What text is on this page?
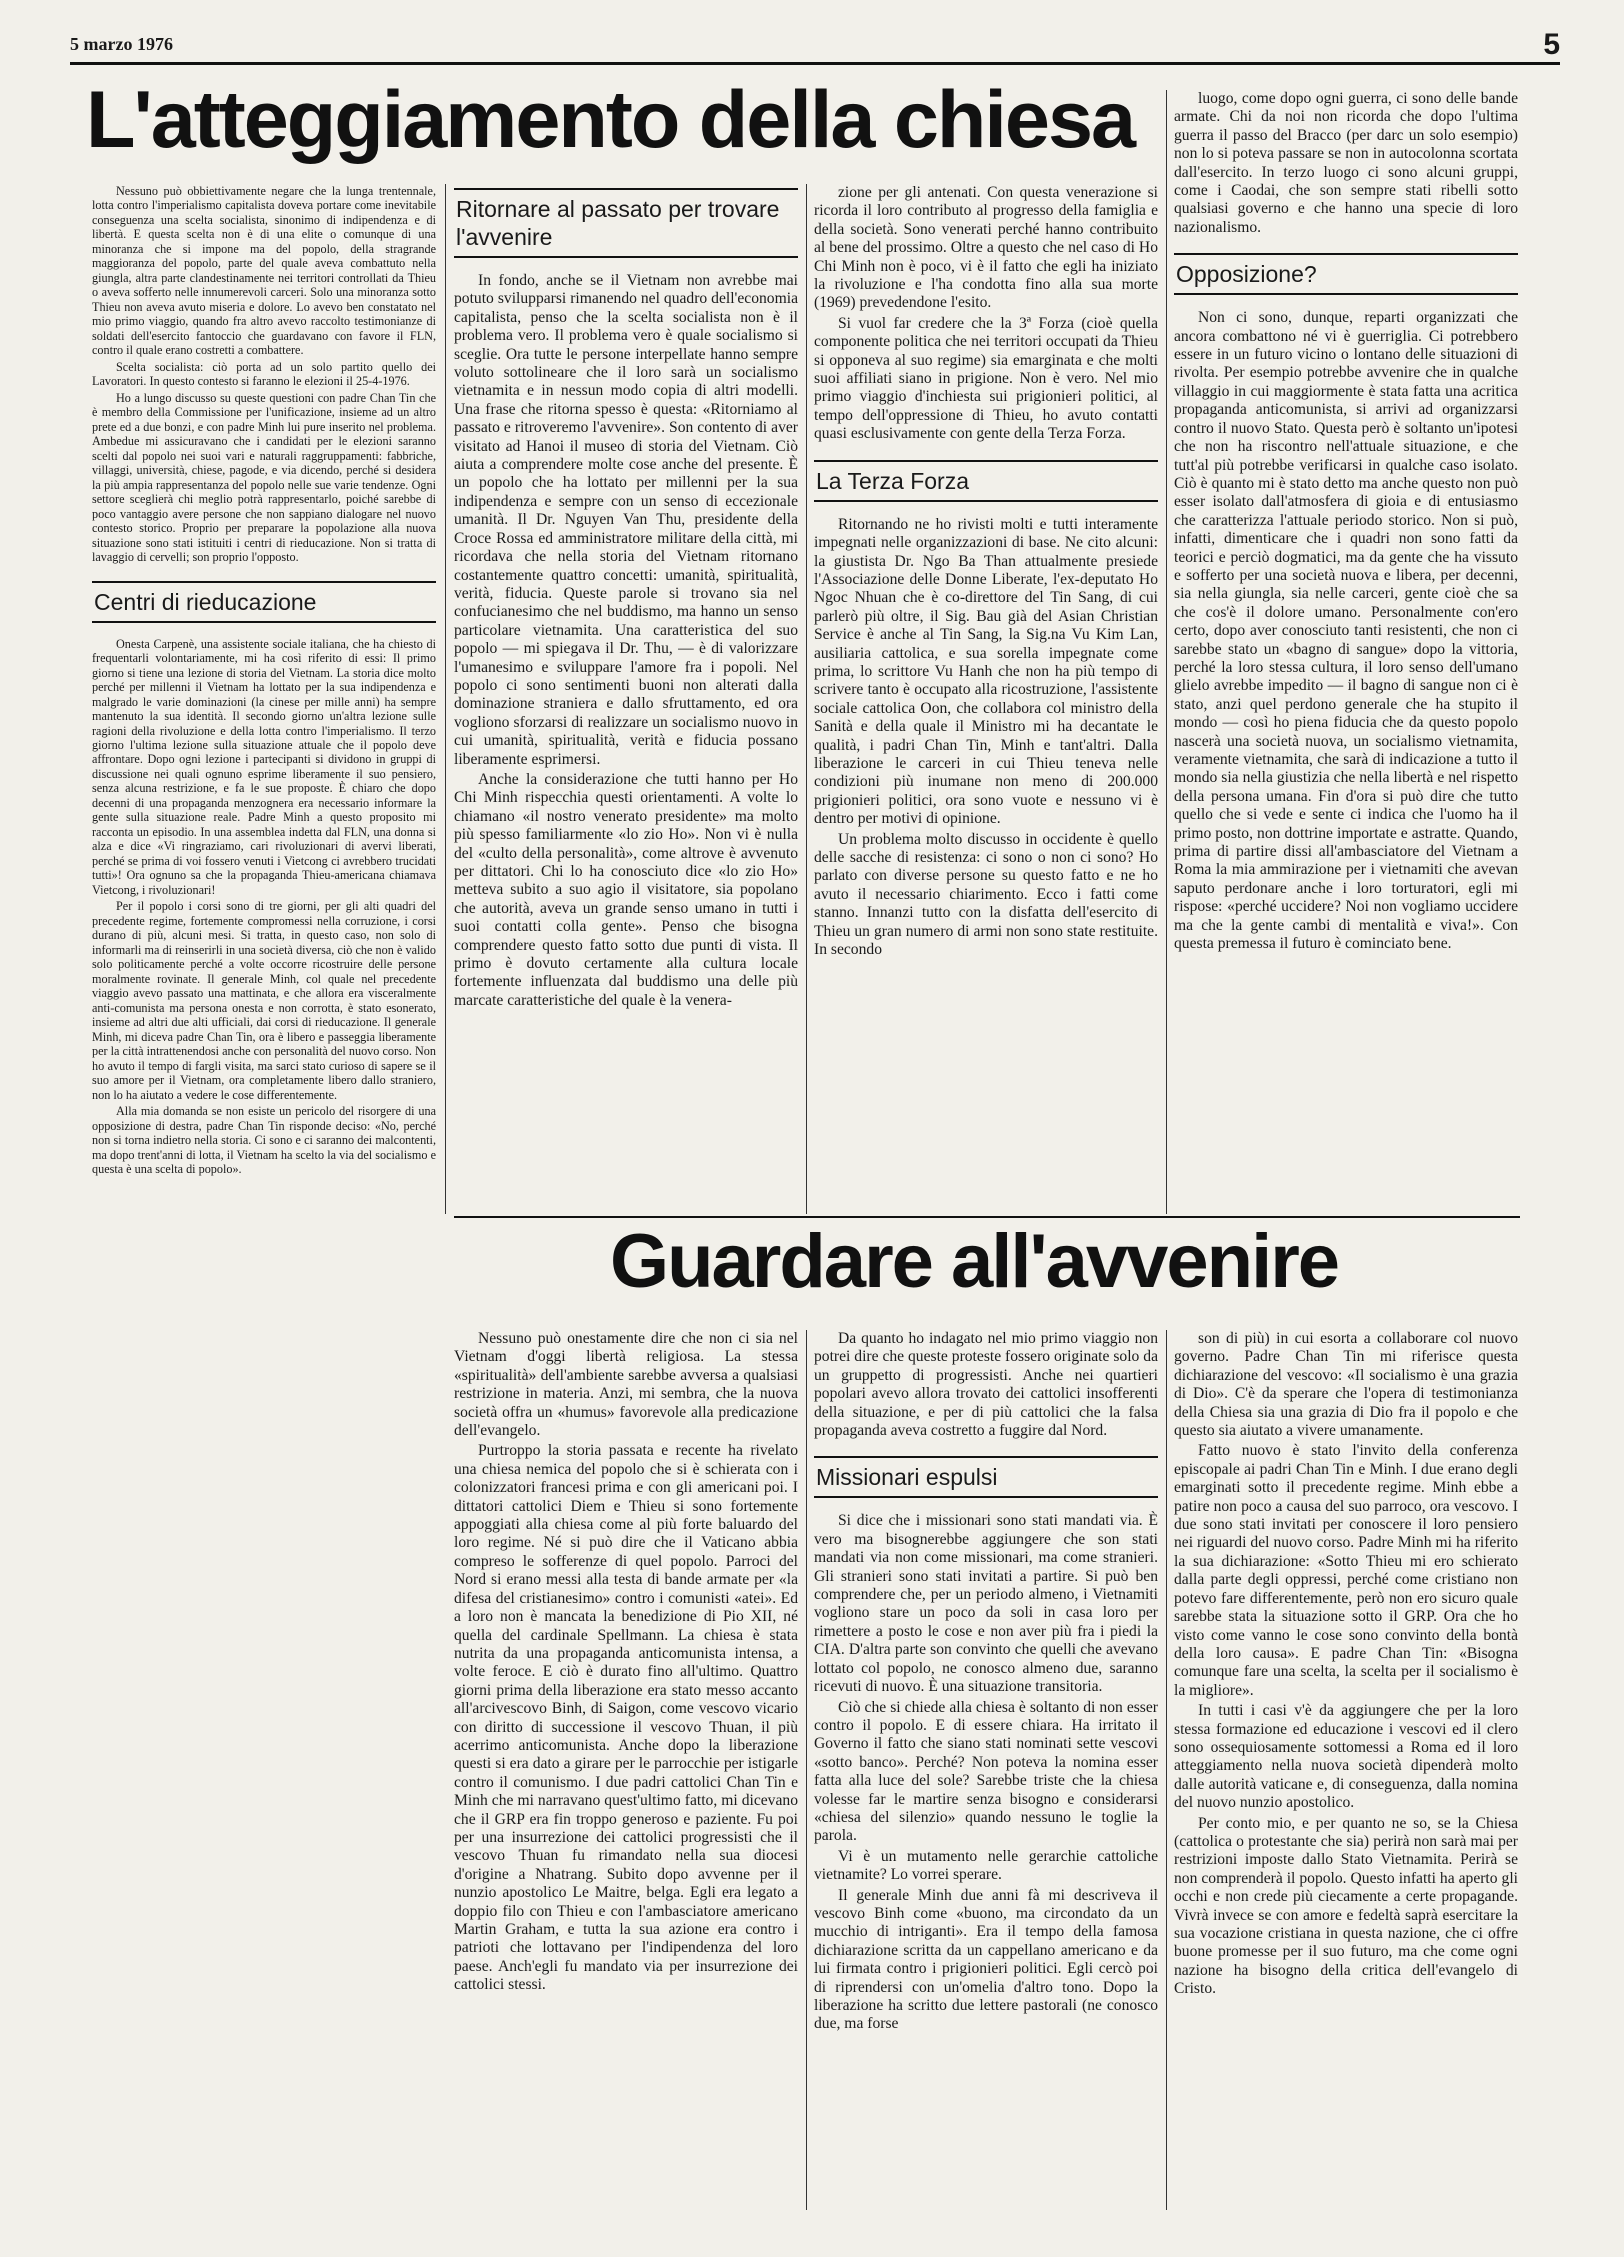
5 marzo 1976	5
L'atteggiamento della chiesa

Nessuno può obbiettivamente negare che la lunga trentennale, lotta contro l'imperialismo capitalista doveva portare come inevitabile conseguenza una scelta socialista, sinonimo di indipendenza e di libertà. E questa scelta non è di una elite o comunque di una minoranza che si impone ma del popolo, della stragrande maggioranza del popolo, parte del quale aveva combattuto nella giungla, altra parte clandestinamente nei territori controllati da Thieu o aveva sofferto nelle innumerevoli carceri. Solo una minoranza sotto Thieu non aveva avuto miseria e dolore. Lo avevo ben constatato nel mio primo viaggio, quando fra altro avevo raccolto testimonianze di soldati dell'esercito fantoccio che guardavano con favore il FLN, contro il quale erano costretti a combattere.

Scelta socialista: ciò porta ad un solo partito quello dei Lavoratori. In questo contesto si faranno le elezioni il 25-4-1976.

Ho a lungo discusso su queste questioni con padre Chan Tin che è membro della Commissione per l'unificazione, insieme ad un altro prete ed a due bonzi, e con padre Minh lui pure inserito nel problema. Ambedue mi assicuravano che i candidati per le elezioni saranno scelti dal popolo nei suoi vari e naturali raggruppamenti: fabbriche, villaggi, università, chiese, pagode, e via dicendo, perché si desidera la più ampia rappresentanza del popolo nelle sue varie tendenze. Ogni settore sceglierà chi meglio potrà rappresentarlo, poiché sarebbe di poco vantaggio avere persone che non sappiano dialogare nel nuovo contesto storico. Proprio per preparare la popolazione alla nuova situazione sono stati istituiti i centri di rieducazione. Non si tratta di lavaggio di cervelli; son proprio l'opposto.

Centri di rieducazione

Onesta Carpenè, una assistente sociale italiana, che ha chiesto di frequentarli volontariamente, mi ha così riferito di essi: Il primo giorno si tiene una lezione di storia del Vietnam. La storia dice molto perché per millenni il Vietnam ha lottato per la sua indipendenza e malgrado le varie dominazioni (la cinese per mille anni) ha sempre mantenuto la sua identità. Il secondo giorno un'altra lezione sulle ragioni della rivoluzione e della lotta contro l'imperialismo. Il terzo giorno l'ultima lezione sulla situazione attuale che il popolo deve affrontare. Dopo ogni lezione i partecipanti si dividono in gruppi di discussione nei quali ognuno esprime liberamente il suo pensiero, senza alcuna restrizione, e fa le sue proposte. È chiaro che dopo decenni di una propaganda menzognera era necessario informare la gente sulla situazione reale. Padre Minh a questo proposito mi racconta un episodio. In una assemblea indetta dal FLN, una donna si alza e dice «Vi ringraziamo, cari rivoluzionari di avervi liberati, perché se prima di voi fossero venuti i Vietcong ci avrebbero trucidati tutti»! Ora ognuno sa che la propaganda Thieu-americana chiamava Vietcong, i rivoluzionari!

Per il popolo i corsi sono di tre giorni, per gli alti quadri del precedente regime, fortemente compromessi nella corruzione, i corsi durano di più, alcuni mesi. Si tratta, in questo caso, non solo di informarli ma di reinserirli in una società diversa, ciò che non è valido solo politicamente perché a volte occorre ricostruire delle persone moralmente rovinate. Il generale Minh, col quale nel precedente viaggio avevo passato una mattinata, e che allora era visceralmente anti-comunista ma persona onesta e non corrotta, è stato esonerato, insieme ad altri due alti ufficiali, dai corsi di rieducazione. Il generale Minh, mi diceva padre Chan Tin, ora è libero e passeggia liberamente per la città intrattenendosi anche con personalità del nuovo corso. Non ho avuto il tempo di fargli visita, ma sarci stato curioso di sapere se il suo amore per il Vietnam, ora completamente libero dallo straniero, non lo ha aiutato a vedere le cose differentemente.

Alla mia domanda se non esiste un pericolo del risorgere di una opposizione di destra, padre Chan Tin risponde deciso: «No, perché non si torna indietro nella storia. Ci sono e ci saranno dei malcontenti, ma dopo trent'anni di lotta, il Vietnam ha scelto la via del socialismo e questa è una scelta di popolo».

Ritornare al passato per trovare l'avvenire

In fondo, anche se il Vietnam non avrebbe mai potuto svilupparsi rimanendo nel quadro dell'economia capitalista, penso che la scelta socialista non è il problema vero. Il problema vero è quale socialismo si sceglie. Ora tutte le persone interpellate hanno sempre voluto sottolineare che il loro sarà un socialismo vietnamita e in nessun modo copia di altri modelli. Una frase che ritorna spesso è questa: «Ritorniamo al passato e ritroveremo l'avvenire». Son contento di aver visitato ad Hanoi il museo di storia del Vietnam. Ciò aiuta a comprendere molte cose anche del presente. È un popolo che ha lottato per millenni per la sua indipendenza e sempre con un senso di eccezionale umanità. Il Dr. Nguyen Van Thu, presidente della Croce Rossa ed amministratore militare della città, mi ricordava che nella storia del Vietnam ritornano costantemente quattro concetti: umanità, spiritualità, verità, fiducia. Queste parole si trovano sia nel confucianesimo che nel buddismo, ma hanno un senso particolare vietnamita. Una caratteristica del suo popolo — mi spiegava il Dr. Thu, — è di valorizzare l'umanesimo e sviluppare l'amore fra i popoli. Nel popolo ci sono sentimenti buoni non alterati dalla dominazione straniera e dallo sfruttamento, ed ora vogliono sforzarsi di realizzare un socialismo nuovo in cui umanità, spiritualità, verità e fiducia possano liberamente esprimersi.

Anche la considerazione che tutti hanno per Ho Chi Minh rispecchia questi orientamenti. A volte lo chiamano «il nostro venerato presidente» ma molto più spesso familiarmente «lo zio Ho». Non vi è nulla del «culto della personalità», come altrove è avvenuto per dittatori. Chi lo ha conosciuto dice «lo zio Ho» metteva subito a suo agio il visitatore, sia popolano che autorità, aveva un grande senso umano in tutti i suoi contatti colla gente». Penso che bisogna comprendere questo fatto sotto due punti di vista. Il primo è dovuto certamente alla cultura locale fortemente influenzata dal buddismo una delle più marcate caratteristiche del quale è la venera-

zione per gli antenati. Con questa venerazione si ricorda il loro contributo al progresso della famiglia e della società. Sono venerati perché hanno contribuito al bene del prossimo. Oltre a questo che nel caso di Ho Chi Minh non è poco, vi è il fatto che egli ha iniziato la rivoluzione e l'ha condotta fino alla sua morte (1969) prevedendone l'esito.

Si vuol far credere che la 3ª Forza (cioè quella componente politica che nei territori occupati da Thieu si opponeva al suo regime) sia emarginata e che molti suoi affiliati siano in prigione. Non è vero. Nel mio primo viaggio d'inchiesta sui prigionieri politici, al tempo dell'oppressione di Thieu, ho avuto contatti quasi esclusivamente con gente della Terza Forza.

La Terza Forza

Ritornando ne ho rivisti molti e tutti interamente impegnati nelle organizzazioni di base. Ne cito alcuni: la giustista Dr. Ngo Ba Than attualmente presiede l'Associazione delle Donne Liberate, l'ex-deputato Ho Ngoc Nhuan che è co-direttore del Tin Sang, di cui parlerò più oltre, il Sig. Bau già del Asian Christian Service è anche al Tin Sang, la Sig.na Vu Kim Lan, ausiliaria cattolica, e sua sorella impegnate come prima, lo scrittore Vu Hanh che non ha più tempo di scrivere tanto è occupato alla ricostruzione, l'assistente sociale cattolica Oon, che collabora col ministro della Sanità e della quale il Ministro mi ha decantate le qualità, i padri Chan Tin, Minh e tant'altri. Dalla liberazione le carceri in cui Thieu teneva nelle condizioni più inumane non meno di 200.000 prigionieri politici, ora sono vuote e nessuno vi è dentro per motivi di opinione.

Un problema molto discusso in occidente è quello delle sacche di resistenza: ci sono o non ci sono? Ho parlato con diverse persone su questo fatto e ne ho avuto il necessario chiarimento. Ecco i fatti come stanno. Innanzi tutto con la disfatta dell'esercito di Thieu un gran numero di armi non sono state restituite. In secondo

luogo, come dopo ogni guerra, ci sono delle bande armate. Chi da noi non ricorda che dopo l'ultima guerra il passo del Bracco (per darc un solo esempio) non lo si poteva passare se non in autocolonna scortata dall'esercito. In terzo luogo ci sono alcuni gruppi, come i Caodai, che son sempre stati ribelli sotto qualsiasi governo e che hanno una specie di loro nazionalismo.

Opposizione?

Non ci sono, dunque, reparti organizzati che ancora combattono né vi è guerriglia. Ci potrebbero essere in un futuro vicino o lontano delle situazioni di rivolta. Per esempio potrebbe avvenire che in qualche villaggio in cui maggiormente è stata fatta una acritica propaganda anticomunista, si arrivi ad organizzarsi contro il nuovo Stato. Questa però è soltanto un'ipotesi che non ha riscontro nell'attuale situazione, e che tutt'al più potrebbe verificarsi in qualche caso isolato. Ciò è quanto mi è stato detto ma anche questo non può esser isolato dall'atmosfera di gioia e di entusiasmo che caratterizza l'attuale periodo storico. Non si può, infatti, dimenticare che i quadri non sono fatti da teorici e perciò dogmatici, ma da gente che ha vissuto e sofferto per una società nuova e libera, per decenni, sia nella giungla, sia nelle carceri, gente cioè che sa che cos'è il dolore umano. Personalmente con'ero certo, dopo aver conosciuto tanti resistenti, che non ci sarebbe stato un «bagno di sangue» dopo la vittoria, perché la loro stessa cultura, il loro senso dell'umano glielo avrebbe impedito — il bagno di sangue non ci è stato, anzi quel perdono generale che ha stupito il mondo — così ho piena fiducia che da questo popolo nascerà una società nuova, un socialismo vietnamita, veramente vietnamita, che sarà di indicazione a tutto il mondo sia nella giustizia che nella libertà e nel rispetto della persona umana. Fin d'ora si può dire che tutto quello che si vede e sente ci indica che l'uomo ha il primo posto, non dottrine importate e astratte. Quando, prima di partire dissi all'ambasciatore del Vietnam a Roma la mia ammirazione per i vietnamiti che avevan saputo perdonare anche i loro torturatori, egli mi rispose: «perché uccidere? Noi non vogliamo uccidere ma che la gente cambi di mentalità e viva!». Con questa premessa il futuro è cominciato bene.

Guardare all'avvenire

Nessuno può onestamente dire che non ci sia nel Vietnam d'oggi libertà religiosa. La stessa «spiritualità» dell'ambiente sarebbe avversa a qualsiasi restrizione in materia. Anzi, mi sembra, che la nuova società offra un «humus» favorevole alla predicazione dell'evangelo.

Purtroppo la storia passata e recente ha rivelato una chiesa nemica del popolo che si è schierata con i colonizzatori francesi prima e con gli americani poi. I dittatori cattolici Diem e Thieu si sono fortemente appoggiati alla chiesa come al più forte baluardo del loro regime. Né si può dire che il Vaticano abbia compreso le sofferenze di quel popolo. Parroci del Nord si erano messi alla testa di bande armate per «la difesa del cristianesimo» contro i comunisti «atei». Ed a loro non è mancata la benedizione di Pio XII, né quella del cardinale Spellmann. La chiesa è stata nutrita da una propaganda anticomunista intensa, a volte feroce. E ciò è durato fino all'ultimo. Quattro giorni prima della liberazione era stato messo accanto all'arcivescovo Binh, di Saigon, come vescovo vicario con diritto di successione il vescovo Thuan, il più acerrimo anticomunista. Anche dopo la liberazione questi si era dato a girare per le parrocchie per istigarle contro il comunismo. I due padri cattolici Chan Tin e Minh che mi narravano quest'ultimo fatto, mi dicevano che il GRP era fin troppo generoso e paziente. Fu poi per una insurrezione dei cattolici progressisti che il vescovo Thuan fu rimandato nella sua diocesi d'origine a Nhatrang. Subito dopo avvenne per il nunzio apostolico Le Maitre, belga. Egli era legato a doppio filo con Thieu e con l'ambasciatore americano Martin Graham, e tutta la sua azione era contro i patrioti che lottavano per l'indipendenza del loro paese. Anch'egli fu mandato via per insurrezione dei cattolici stessi.

Da quanto ho indagato nel mio primo viaggio non potrei dire che queste proteste fossero originate solo da un gruppetto di progressisti. Anche nei quartieri popolari avevo allora trovato dei cattolici insofferenti della situazione, e per di più cattolici che la falsa propaganda aveva costretto a fuggire dal Nord.

Missionari espulsi

Si dice che i missionari sono stati mandati via. È vero ma bisognerebbe aggiungere che son stati mandati via non come missionari, ma come stranieri. Gli stranieri sono stati invitati a partire. Si può ben comprendere che, per un periodo almeno, i Vietnamiti vogliono stare un poco da soli in casa loro per rimettere a posto le cose e non aver più fra i piedi la CIA. D'altra parte son convinto che quelli che avevano lottato col popolo, ne conosco almeno due, saranno ricevuti di nuovo. È una situazione transitoria.

Ciò che si chiede alla chiesa è soltanto di non esser contro il popolo. E di essere chiara. Ha irritato il Governo il fatto che siano stati nominati sette vescovi «sotto banco». Perché? Non poteva la nomina esser fatta alla luce del sole? Sarebbe triste che la chiesa volesse far le martire senza bisogno e considerarsi «chiesa del silenzio» quando nessuno le toglie la parola.

Vi è un mutamento nelle gerarchie cattoliche vietnamite? Lo vorrei sperare.

Il generale Minh due anni fà mi descriveva il vescovo Binh come «buono, ma circondato da un mucchio di intriganti». Era il tempo della famosa dichiarazione scritta da un cappellano americano e da lui firmata contro i prigionieri politici. Egli cercò poi di riprendersi con un'omelia d'altro tono. Dopo la liberazione ha scritto due lettere pastorali (ne conosco due, ma forse

son di più) in cui esorta a collaborare col nuovo governo. Padre Chan Tin mi riferisce questa dichiarazione del vescovo: «Il socialismo è una grazia di Dio». C'è da sperare che l'opera di testimonianza della Chiesa sia una grazia di Dio fra il popolo e che questo sia aiutato a vivere umanamente.

Fatto nuovo è stato l'invito della conferenza episcopale ai padri Chan Tin e Minh. I due erano degli emarginati sotto il precedente regime. Minh ebbe a patire non poco a causa del suo parroco, ora vescovo. I due sono stati invitati per conoscere il loro pensiero nei riguardi del nuovo corso. Padre Minh mi ha riferito la sua dichiarazione: «Sotto Thieu mi ero schierato dalla parte degli oppressi, perché come cristiano non potevo fare differentemente, però non ero sicuro quale sarebbe stata la situazione sotto il GRP. Ora che ho visto come vanno le cose sono convinto della bontà della loro causa». E padre Chan Tin: «Bisogna comunque fare una scelta, la scelta per il socialismo è la migliore».

In tutti i casi v'è da aggiungere che per la loro stessa formazione ed educazione i vescovi ed il clero sono ossequiosamente sottomessi a Roma ed il loro atteggiamento nella nuova società dipenderà molto dalle autorità vaticane e, di conseguenza, dalla nomina del nuovo nunzio apostolico.

Per conto mio, e per quanto ne so, se la Chiesa (cattolica o protestante che sia) perirà non sarà mai per restrizioni imposte dallo Stato Vietnamita. Perirà se non comprenderà il popolo. Questo infatti ha aperto gli occhi e non crede più ciecamente a certe propagande. Vivrà invece se con amore e fedeltà saprà esercitare la sua vocazione cristiana in questa nazione, che ci offre buone promesse per il suo futuro, ma che come ogni nazione ha bisogno della critica dell'evangelo di Cristo.
